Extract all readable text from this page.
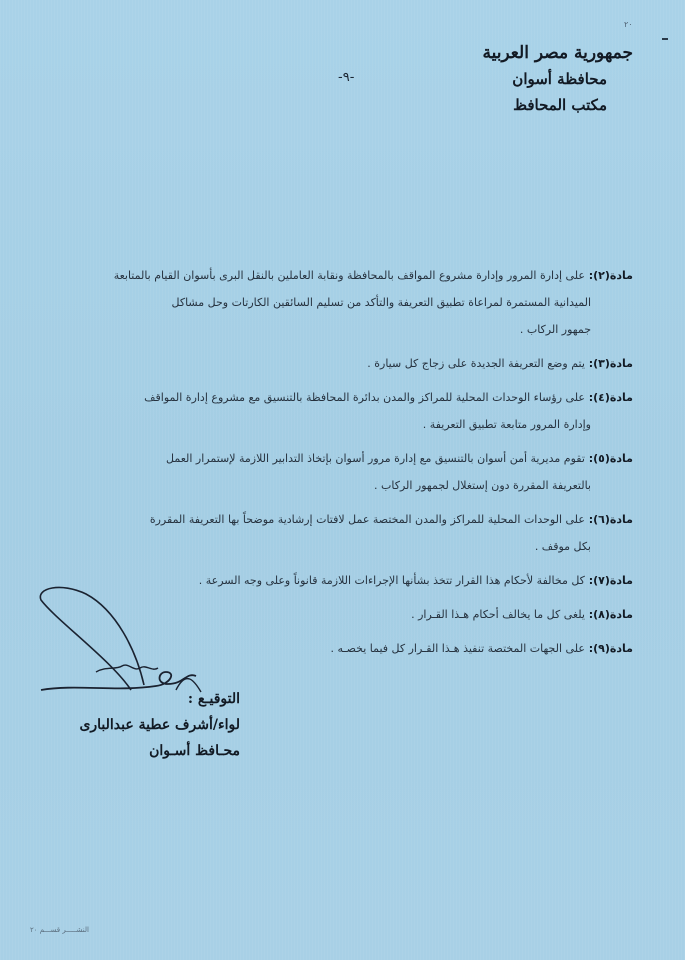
٢٠
جمهورية مصر العربية
محافظة أسوان
مكتب المحافظ
-٩-
مادة(٢): على إدارة المرور وإدارة مشروع المواقف بالمحافظة ونقابة العاملين بالنقل البرى بأسوان القيام بالمتابعة
الميدانية المستمرة لمراعاة تطبيق التعريفة والتأكد من تسليم السائقين الكارتات وحل مشاكل
جمهور الركاب .
مادة(٣): يتم وضع التعريفة الجديدة على زجاج كل سيارة .
مادة(٤): على رؤساء الوحدات المحلية للمراكز والمدن بدائرة المحافظة بالتنسيق مع مشروع إدارة المواقف
وإدارة المرور متابعة تطبيق التعريفة .
مادة(٥): تقوم مديرية أمن أسوان بالتنسيق مع إدارة مرور أسوان بإتخاذ التدابير اللازمة لإستمرار العمل
بالتعريفة المقررة دون إستغلال لجمهور الركاب .
مادة(٦): على الوحدات المحلية للمراكز والمدن المختصة عمل لافتات إرشادية موضحاً بها التعريفة المقررة
بكل موقف .
مادة(٧): كل مخالفة لأحكام هذا القرار تتخذ بشأنها الإجراءات اللازمة قانوناً وعلى وجه السرعة .
مادة(٨): يلغى كل ما يخالف أحكام هـذا القـرار .
مادة(٩): على الجهات المختصة تنفيذ هـذا القـرار كل فيما يخصـه .
التوقيـع :
لواء/أشرف عطية عبدالبارى
محـافظ أسـوان
النشـــــر قســـم ٢٠
